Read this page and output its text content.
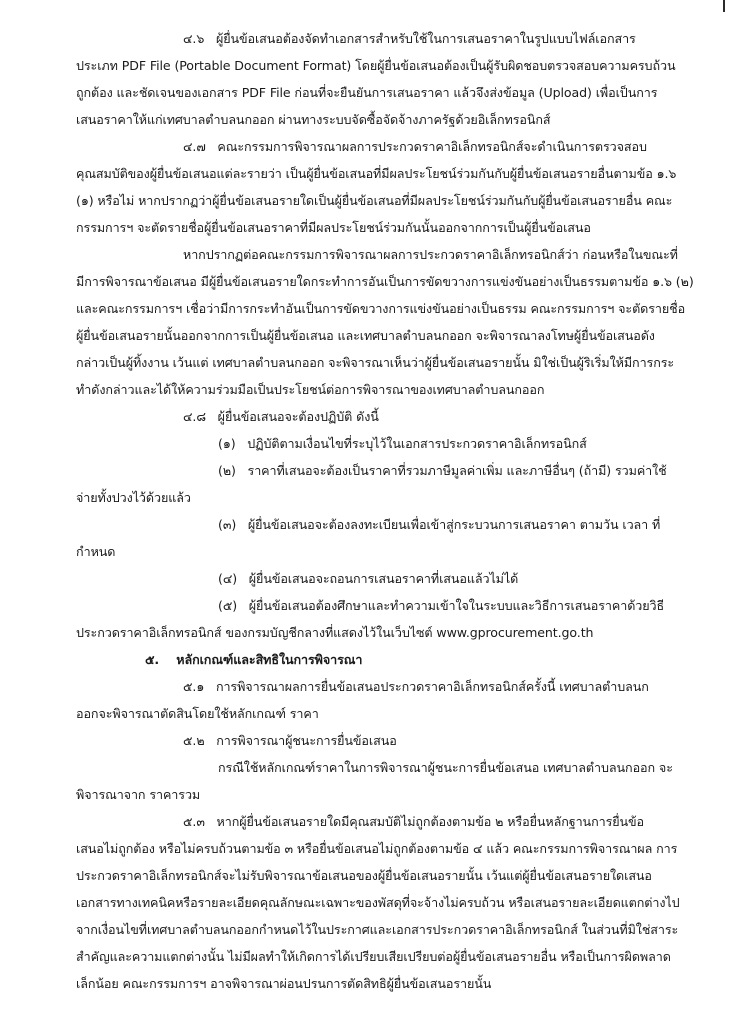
๔.๖   ผู้ยื่นข้อเสนอต้องจัดทำเอกสารสำหรับใช้ในการเสนอราคาในรูปแบบไฟล์เอกสาร
ประเภท PDF File (Portable Document Format) โดยผู้ยื่นข้อเสนอต้องเป็นผู้รับผิดชอบตรวจสอบความครบถ้วน
ถูกต้อง และชัดเจนของเอกสาร PDF File ก่อนที่จะยืนยันการเสนอราคา แล้วจึงส่งข้อมูล (Upload) เพื่อเป็นการ
เสนอราคาให้แก่เทศบาลตำบลนกออก ผ่านทางระบบจัดซื้อจัดจ้างภาครัฐด้วยอิเล็กทรอนิกส์
๔.๗   คณะกรรมการพิจารณาผลการประกวดราคาอิเล็กทรอนิกส์จะดำเนินการตรวจสอบ
คุณสมบัติของผู้ยื่นข้อเสนอแต่ละรายว่า เป็นผู้ยื่นข้อเสนอที่มีผลประโยชน์ร่วมกันกับผู้ยื่นข้อเสนอรายอื่นตามข้อ ๑.๖
(๑) หรือไม่ หากปรากฏว่าผู้ยื่นข้อเสนอรายใดเป็นผู้ยื่นข้อเสนอที่มีผลประโยชน์ร่วมกันกับผู้ยื่นข้อเสนอรายอื่น คณะ
กรรมการฯ จะตัดรายชื่อผู้ยื่นข้อเสนอราคาที่มีผลประโยชน์ร่วมกันนั้นออกจากการเป็นผู้ยื่นข้อเสนอ
หากปรากฏต่อคณะกรรมการพิจารณาผลการประกวดราคาอิเล็กทรอนิกส์ว่า ก่อนหรือในขณะที่
มีการพิจารณาข้อเสนอ มีผู้ยื่นข้อเสนอรายใดกระทำการอันเป็นการขัดขวางการแข่งขันอย่างเป็นธรรมตามข้อ ๑.๖ (๒)
และคณะกรรมการฯ เชื่อว่ามีการกระทำอันเป็นการขัดขวางการแข่งขันอย่างเป็นธรรม คณะกรรมการฯ จะตัดรายชื่อ
ผู้ยื่นข้อเสนอรายนั้นออกจากการเป็นผู้ยื่นข้อเสนอ และเทศบาลตำบลนกออก จะพิจารณาลงโทษผู้ยื่นข้อเสนอดัง
กล่าวเป็นผู้ทิ้งงาน เว้นแต่ เทศบาลตำบลนกออก จะพิจารณาเห็นว่าผู้ยื่นข้อเสนอรายนั้น มิใช่เป็นผู้ริเริ่มให้มีการกระ
ทำดังกล่าวและได้ให้ความร่วมมือเป็นประโยชน์ต่อการพิจารณาของเทศบาลตำบลนกออก
๔.๘   ผู้ยื่นข้อเสนอจะต้องปฏิบัติ ดังนี้
(๑)   ปฏิบัติตามเงื่อนไขที่ระบุไว้ในเอกสารประกวดราคาอิเล็กทรอนิกส์
(๒)   ราคาที่เสนอจะต้องเป็นราคาที่รวมภาษีมูลค่าเพิ่ม และภาษีอื่นๆ (ถ้ามี) รวมค่าใช้
จ่ายทั้งปวงไว้ด้วยแล้ว
(๓)   ผู้ยื่นข้อเสนอจะต้องลงทะเบียนเพื่อเข้าสู่กระบวนการเสนอราคา ตามวัน เวลา ที่
กำหนด
(๔)   ผู้ยื่นข้อเสนอจะถอนการเสนอราคาที่เสนอแล้วไม่ได้
(๕)   ผู้ยื่นข้อเสนอต้องศึกษาและทำความเข้าใจในระบบและวิธีการเสนอราคาด้วยวิธี
ประกวดราคาอิเล็กทรอนิกส์ ของกรมบัญชีกลางที่แสดงไว้ในเว็บไซต์ www.gprocurement.go.th
๕.    หลักเกณฑ์และสิทธิในการพิจารณา
๕.๑   การพิจารณาผลการยื่นข้อเสนอประกวดราคาอิเล็กทรอนิกส์ครั้งนี้ เทศบาลตำบลนก
ออกจะพิจารณาตัดสินโดยใช้หลักเกณฑ์ ราคา
๕.๒   การพิจารณาผู้ชนะการยื่นข้อเสนอ
กรณีใช้หลักเกณฑ์ราคาในการพิจารณาผู้ชนะการยื่นข้อเสนอ เทศบาลตำบลนกออก จะ
พิจารณาจาก ราคารวม
๕.๓   หากผู้ยื่นข้อเสนอรายใดมีคุณสมบัติไม่ถูกต้องตามข้อ ๒ หรือยื่นหลักฐานการยื่นข้อ
เสนอไม่ถูกต้อง หรือไม่ครบถ้วนตามข้อ ๓ หรือยื่นข้อเสนอไม่ถูกต้องตามข้อ ๔ แล้ว คณะกรรมการพิจารณาผล การ
ประกวดราคาอิเล็กทรอนิกส์จะไม่รับพิจารณาข้อเสนอของผู้ยื่นข้อเสนอรายนั้น เว้นแต่ผู้ยื่นข้อเสนอรายใดเสนอ
เอกสารทางเทคนิคหรือรายละเอียดคุณลักษณะเฉพาะของพัสดุที่จะจ้างไม่ครบถ้วน หรือเสนอรายละเอียดแตกต่างไป
จากเงื่อนไขที่เทศบาลตำบลนกออกกำหนดไว้ในประกาศและเอกสารประกวดราคาอิเล็กทรอนิกส์ ในส่วนที่มิใช่สาระ
สำคัญและความแตกต่างนั้น ไม่มีผลทำให้เกิดการได้เปรียบเสียเปรียบต่อผู้ยื่นข้อเสนอรายอื่น หรือเป็นการผิดพลาด
เล็กน้อย คณะกรรมการฯ อาจพิจารณาผ่อนปรนการตัดสิทธิผู้ยื่นข้อเสนอรายนั้น
